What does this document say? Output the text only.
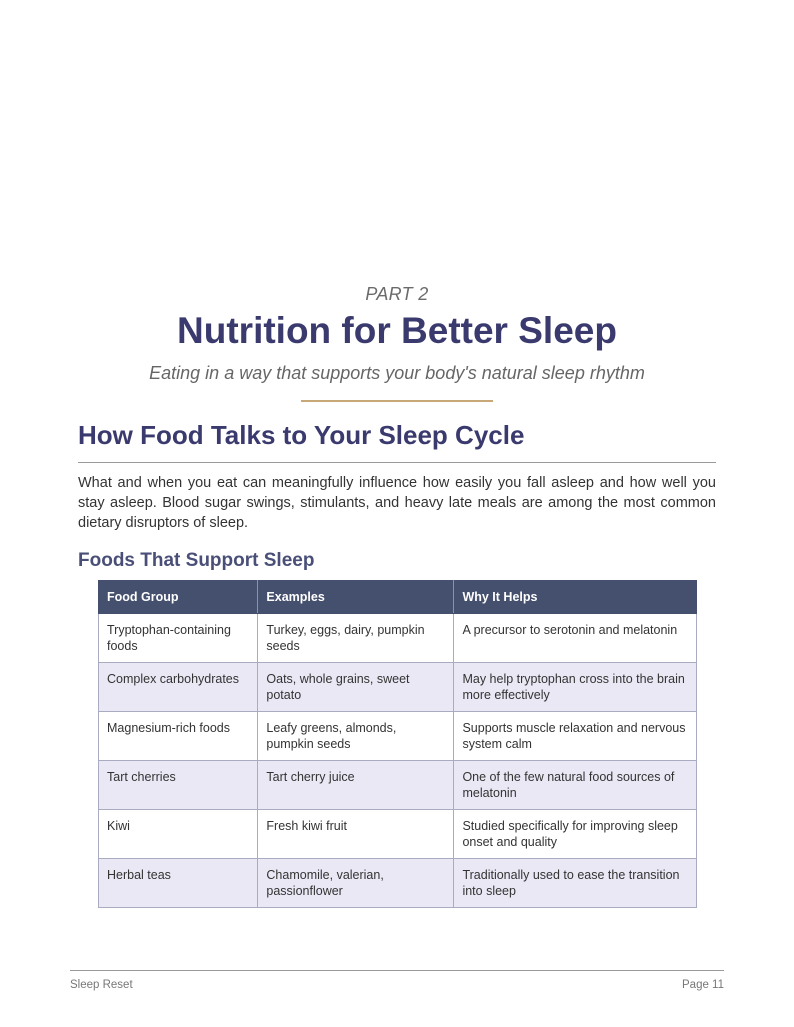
PART 2
Nutrition for Better Sleep
Eating in a way that supports your body's natural sleep rhythm
How Food Talks to Your Sleep Cycle
What and when you eat can meaningfully influence how easily you fall asleep and how well you stay asleep. Blood sugar swings, stimulants, and heavy late meals are among the most common dietary disruptors of sleep.
Foods That Support Sleep
Food Group	Examples	Why It Helps
Tryptophan-containing foods	Turkey, eggs, dairy, pumpkin seeds	A precursor to serotonin and melatonin
Complex carbohydrates	Oats, whole grains, sweet potato	May help tryptophan cross into the brain more effectively
Magnesium-rich foods	Leafy greens, almonds, pumpkin seeds	Supports muscle relaxation and nervous system calm
Tart cherries	Tart cherry juice	One of the few natural food sources of melatonin
Kiwi	Fresh kiwi fruit	Studied specifically for improving sleep onset and quality
Herbal teas	Chamomile, valerian, passionflower	Traditionally used to ease the transition into sleep
Sleep Reset	Page 11
